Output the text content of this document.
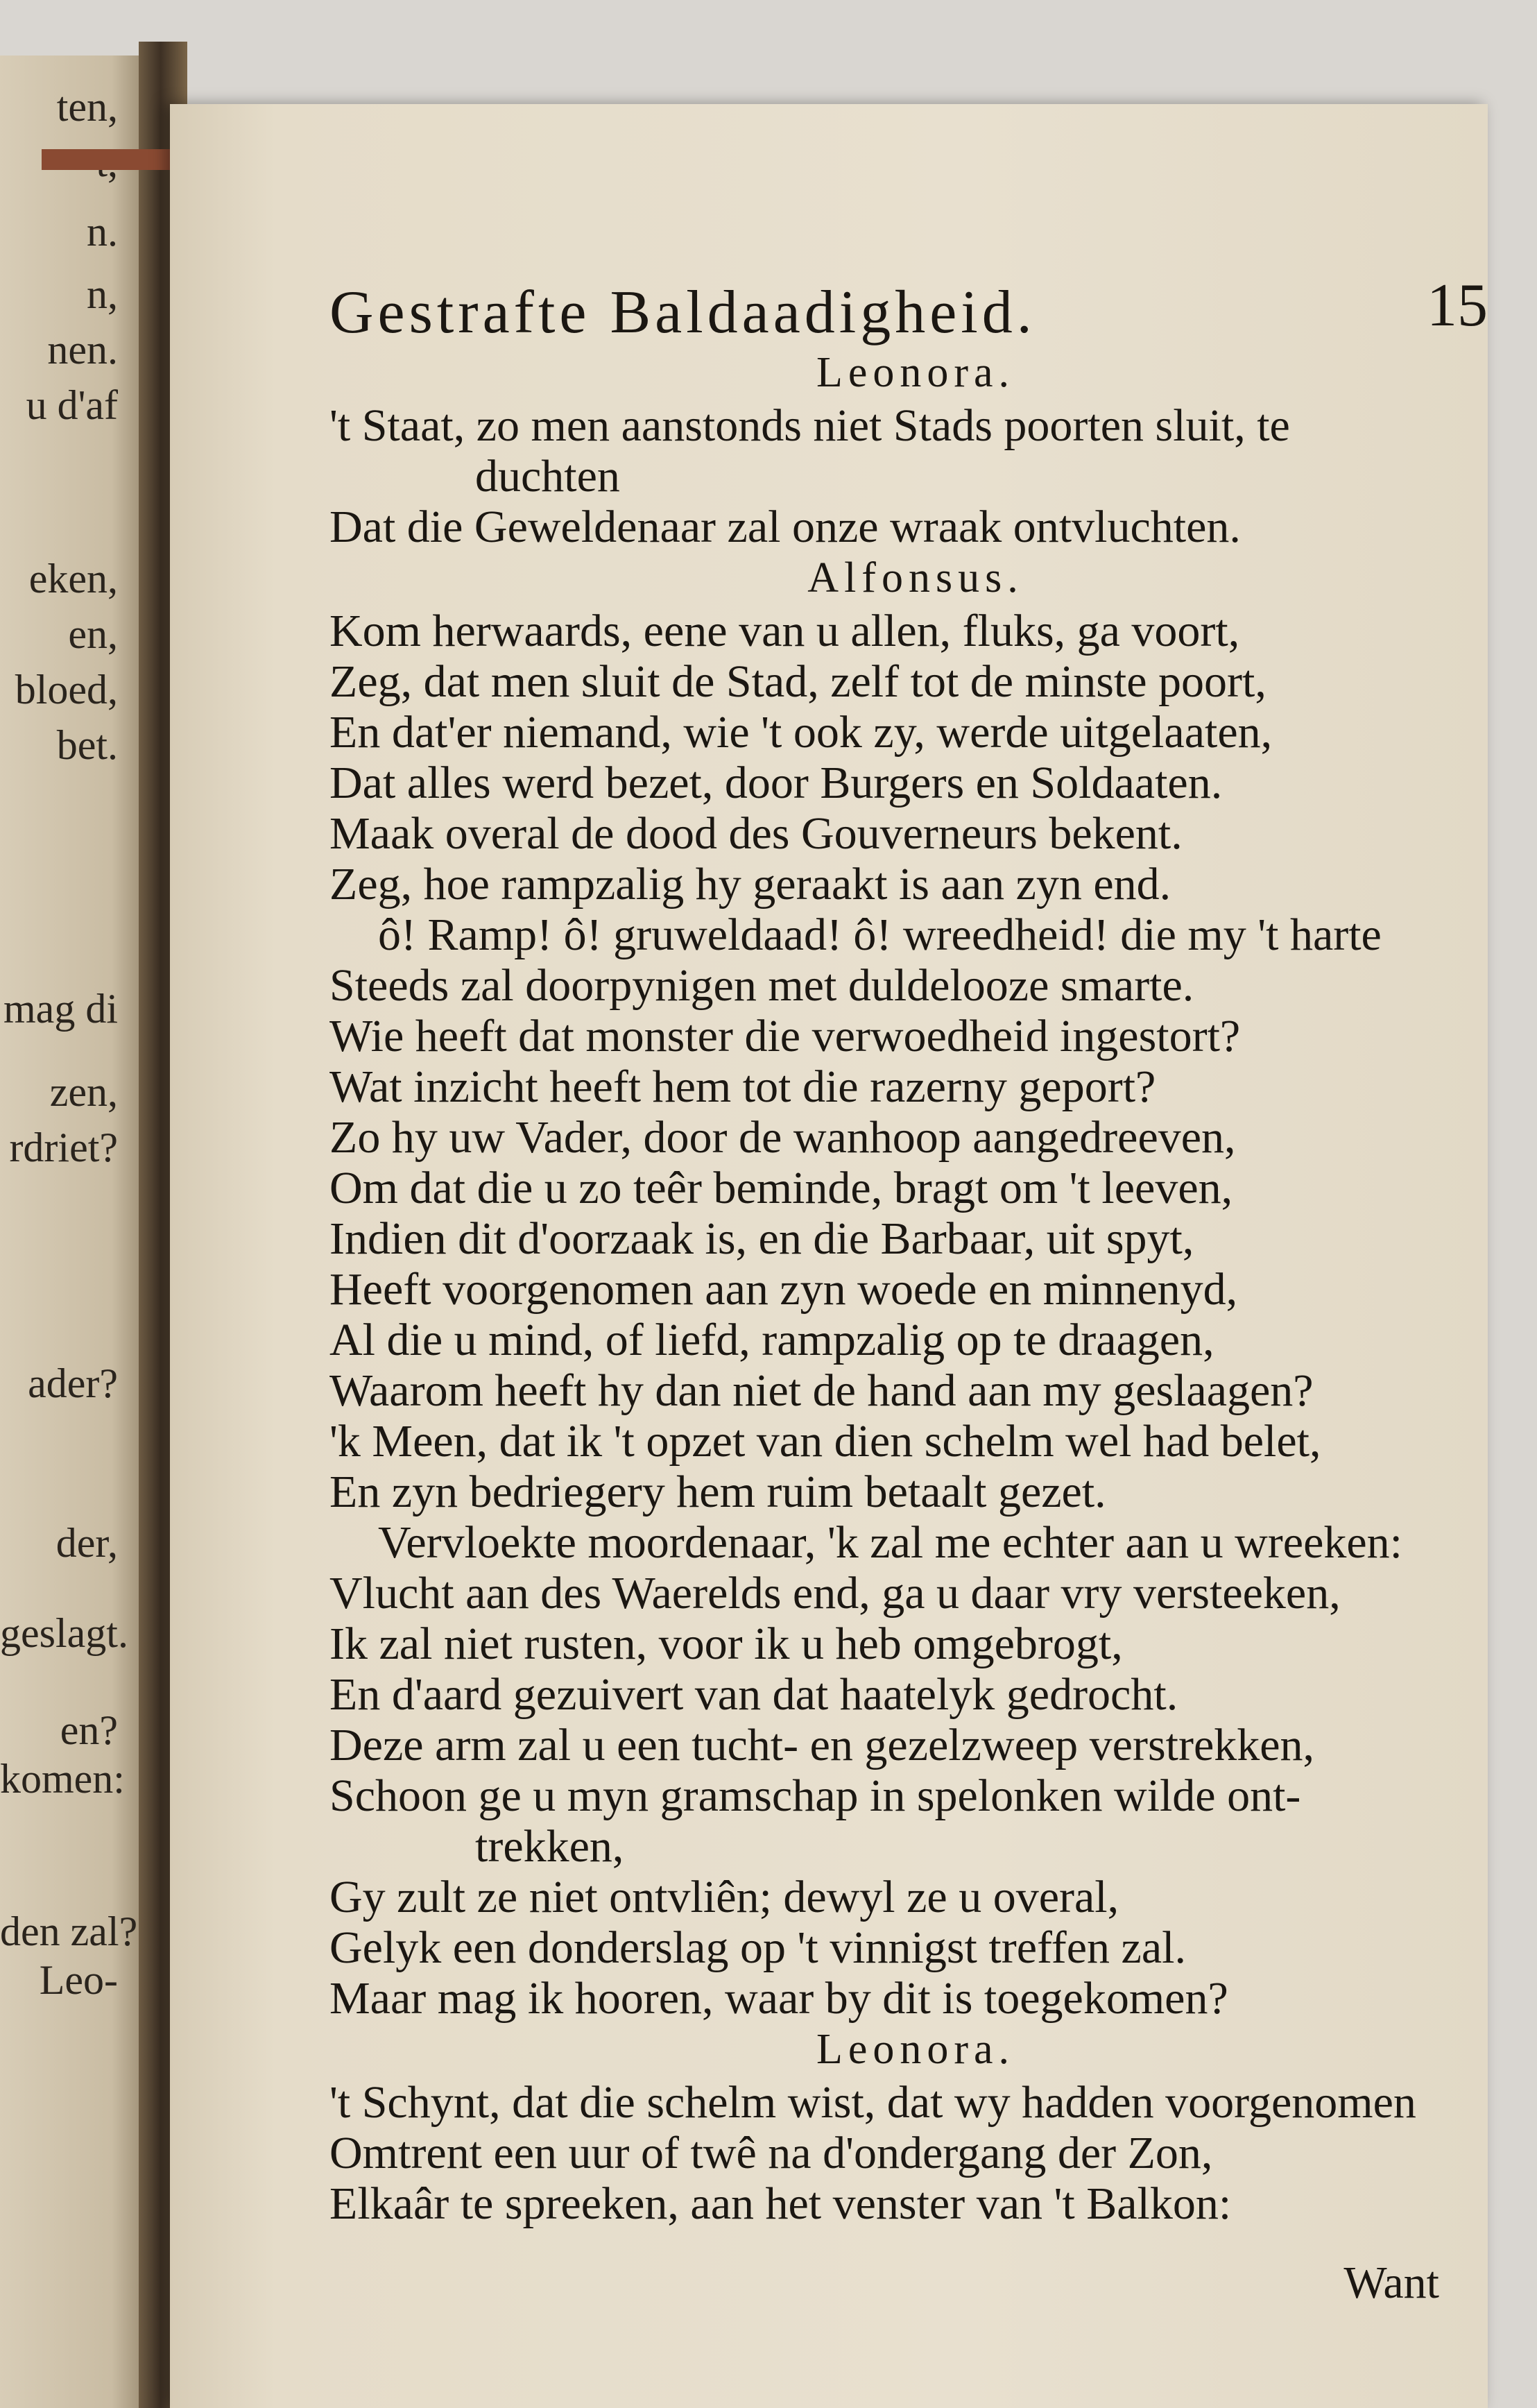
ten,
n.
n,
nen.
u d'af
eken,
en,
bloed,
bet.
mag di
zen,
rdriet?
ader?
der,
geslagt.
en?
komen:
den zal?
Leo-
Gestrafte Baldaadigheid.	15
Leonora.
't Staat, zo men aanstonds niet Stads poorten sluit, te
duchten
Dat die Geweldenaar zal onze wraak ontvluchten.
Alfonsus.
Kom herwaards, eene van u allen, fluks, ga voort,
Zeg, dat men sluit de Stad, zelf tot de minste poort,
En dat'er niemand, wie 't ook zy, werde uitgelaaten,
Dat alles werd bezet, door Burgers en Soldaaten.
Maak overal de dood des Gouverneurs bekent.
Zeg, hoe rampzalig hy geraakt is aan zyn end.
ô! Ramp! ô! gruweldaad! ô! wreedheid! die my 't harte
Steeds zal doorpynigen met duldelooze smarte.
Wie heeft dat monster die verwoedheid ingestort?
Wat inzicht heeft hem tot die razerny geport?
Zo hy uw Vader, door de wanhoop aangedreeven,
Om dat die u zo teêr beminde, bragt om 't leeven,
Indien dit d'oorzaak is, en die Barbaar, uit spyt,
Heeft voorgenomen aan zyn woede en minnenyd,
Al die u mind, of liefd, rampzalig op te draagen,
Waarom heeft hy dan niet de hand aan my geslaagen?
'k Meen, dat ik 't opzet van dien schelm wel had belet,
En zyn bedriegery hem ruim betaalt gezet.
Vervloekte moordenaar, 'k zal me echter aan u wreeken:
Vlucht aan des Waerelds end, ga u daar vry versteeken,
Ik zal niet rusten, voor ik u heb omgebrogt,
En d'aard gezuivert van dat haatelyk gedrocht.
Deze arm zal u een tucht- en gezelzweep verstrekken,
Schoon ge u myn gramschap in spelonken wilde ont-
trekken,
Gy zult ze niet ontvliên; dewyl ze u overal,
Gelyk een donderslag op 't vinnigst treffen zal.
Maar mag ik hooren, waar by dit is toegekomen?
Leonora.
't Schynt, dat die schelm wist, dat wy hadden voorgenomen
Omtrent een uur of twê na d'ondergang der Zon,
Elkaâr te spreeken, aan het venster van 't Balkon:
Want
